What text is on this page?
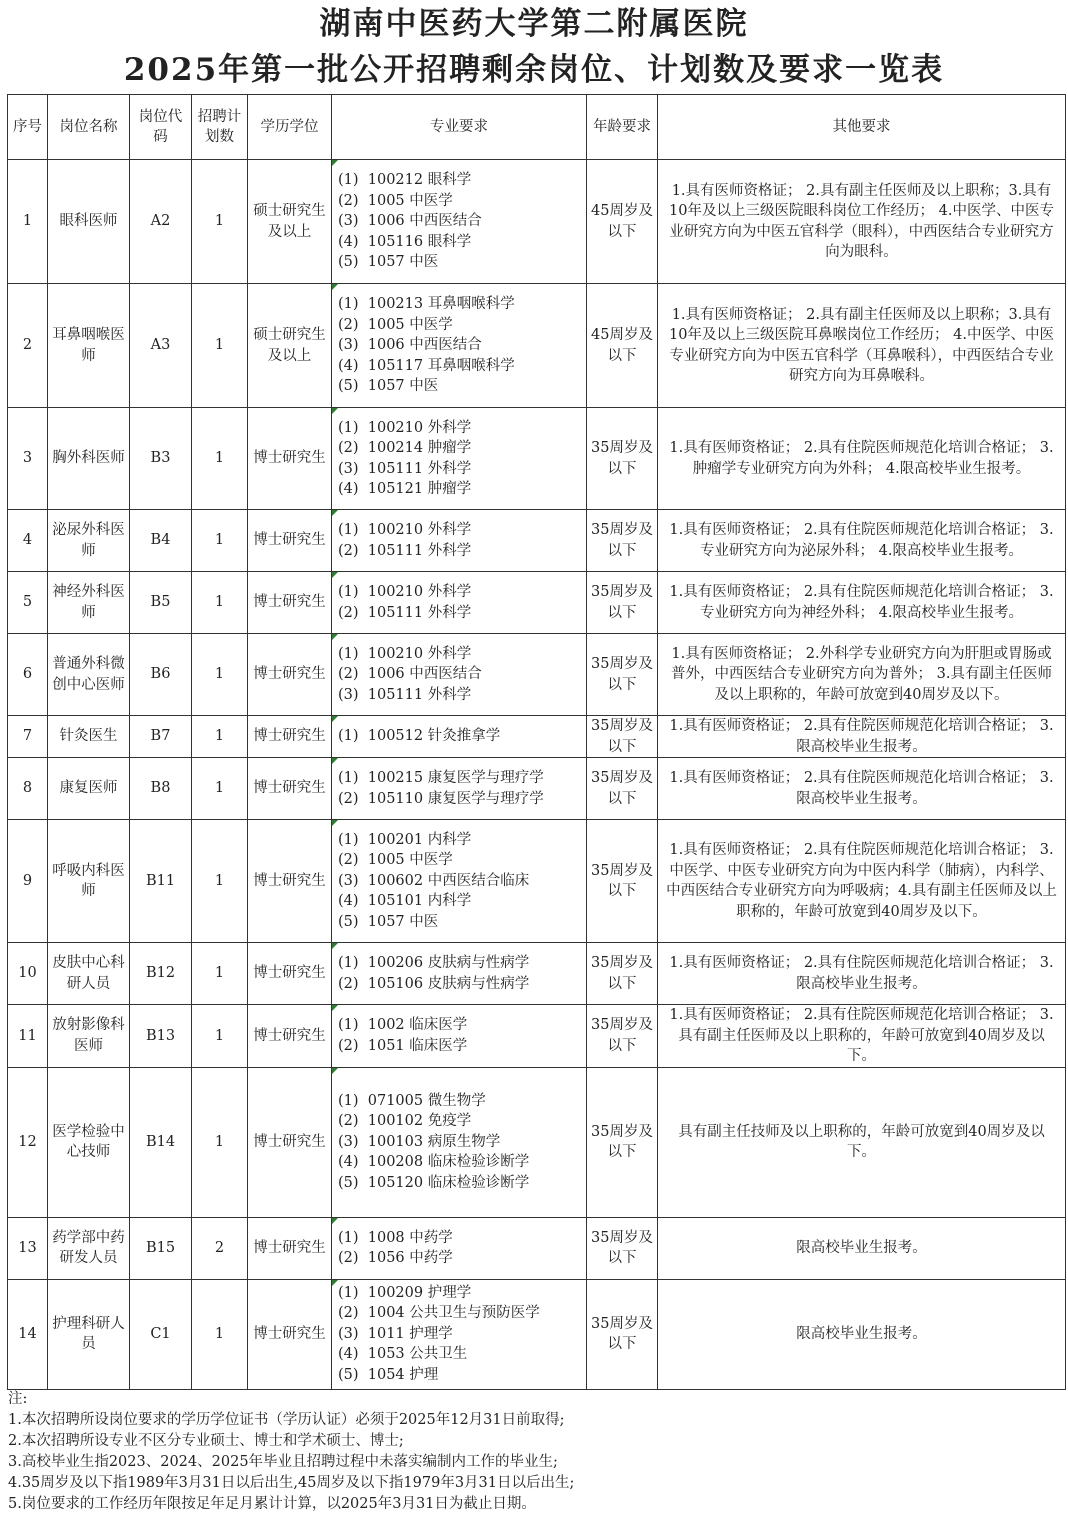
湖南中医药大学第二附属医院
2025年第一批公开招聘剩余岗位、计划数及要求一览表
序号	岗位名称	岗位代码	招聘计划数	学历学位	专业要求	年龄要求	其他要求
1	眼科医师	A2	1	硕士研究生及以上	(1)  100212 眼科学
(2)  1005 中医学
(3)  1006 中西医结合
(4)  105116 眼科学
(5)  1057 中医	45周岁及以下	1.具有医师资格证； 2.具有副主任医师及以上职称；3.具有10年及以上三级医院眼科岗位工作经历； 4.中医学、中医专业研究方向为中医五官科学（眼科），中西医结合专业研究方向为眼科。
2	耳鼻咽喉医师	A3	1	硕士研究生及以上	(1)  100213 耳鼻咽喉科学
(2)  1005 中医学
(3)  1006 中西医结合
(4)  105117 耳鼻咽喉科学
(5)  1057 中医	45周岁及以下	1.具有医师资格证； 2.具有副主任医师及以上职称；3.具有10年及以上三级医院耳鼻喉岗位工作经历； 4.中医学、中医专业研究方向为中医五官科学（耳鼻喉科），中西医结合专业研究方向为耳鼻喉科。
3	胸外科医师	B3	1	博士研究生	(1)  100210 外科学
(2)  100214 肿瘤学
(3)  105111 外科学
(4)  105121 肿瘤学	35周岁及以下	1.具有医师资格证； 2.具有住院医师规范化培训合格证； 3.肿瘤学专业研究方向为外科； 4.限高校毕业生报考。
4	泌尿外科医师	B4	1	博士研究生	(1)  100210 外科学
(2)  105111 外科学	35周岁及以下	1.具有医师资格证； 2.具有住院医师规范化培训合格证； 3.专业研究方向为泌尿外科； 4.限高校毕业生报考。
5	神经外科医师	B5	1	博士研究生	(1)  100210 外科学
(2)  105111 外科学	35周岁及以下	1.具有医师资格证； 2.具有住院医师规范化培训合格证； 3.专业研究方向为神经外科； 4.限高校毕业生报考。
6	普通外科微创中心医师	B6	1	博士研究生	(1)  100210 外科学
(2)  1006 中西医结合
(3)  105111 外科学	35周岁及以下	1.具有医师资格证； 2.外科学专业研究方向为肝胆或胃肠或普外，中西医结合专业研究方向为普外； 3.具有副主任医师及以上职称的，年龄可放宽到40周岁及以下。
7	针灸医生	B7	1	博士研究生	(1)  100512 针灸推拿学	35周岁及以下	1.具有医师资格证； 2.具有住院医师规范化培训合格证； 3.限高校毕业生报考。
8	康复医师	B8	1	博士研究生	(1)  100215 康复医学与理疗学
(2)  105110 康复医学与理疗学	35周岁及以下	1.具有医师资格证； 2.具有住院医师规范化培训合格证； 3.限高校毕业生报考。
9	呼吸内科医师	B11	1	博士研究生	(1)  100201 内科学
(2)  1005 中医学
(3)  100602 中西医结合临床
(4)  105101 内科学
(5)  1057 中医	35周岁及以下	1.具有医师资格证； 2.具有住院医师规范化培训合格证； 3.中医学、中医专业研究方向为中医内科学（肺病），内科学、中西医结合专业研究方向为呼吸病；4.具有副主任医师及以上职称的，年龄可放宽到40周岁及以下。
10	皮肤中心科研人员	B12	1	博士研究生	(1)  100206 皮肤病与性病学
(2)  105106 皮肤病与性病学	35周岁及以下	1.具有医师资格证； 2.具有住院医师规范化培训合格证； 3.限高校毕业生报考。
11	放射影像科医师	B13	1	博士研究生	(1)  1002 临床医学
(2)  1051 临床医学	35周岁及以下	1.具有医师资格证； 2.具有住院医师规范化培训合格证； 3.具有副主任医师及以上职称的，年龄可放宽到40周岁及以下。
12	医学检验中心技师	B14	1	博士研究生	(1)  071005 微生物学
(2)  100102 免疫学
(3)  100103 病原生物学
(4)  100208 临床检验诊断学
(5)  105120 临床检验诊断学	35周岁及以下	具有副主任技师及以上职称的，年龄可放宽到40周岁及以下。
13	药学部中药研发人员	B15	2	博士研究生	(1)  1008 中药学
(2)  1056 中药学	35周岁及以下	限高校毕业生报考。
14	护理科研人员	C1	1	博士研究生	(1)  100209 护理学
(2)  1004 公共卫生与预防医学
(3)  1011 护理学
(4)  1053 公共卫生
(5)  1054 护理	35周岁及以下	限高校毕业生报考。
注:
1.本次招聘所设岗位要求的学历学位证书（学历认证）必须于2025年12月31日前取得;
2.本次招聘所设专业不区分专业硕士、博士和学术硕士、博士;
3.高校毕业生指2023、2024、2025年毕业且招聘过程中未落实编制内工作的毕业生;
4.35周岁及以下指1989年3月31日以后出生,45周岁及以下指1979年3月31日以后出生;
5.岗位要求的工作经历年限按足年足月累计计算，以2025年3月31日为截止日期。
